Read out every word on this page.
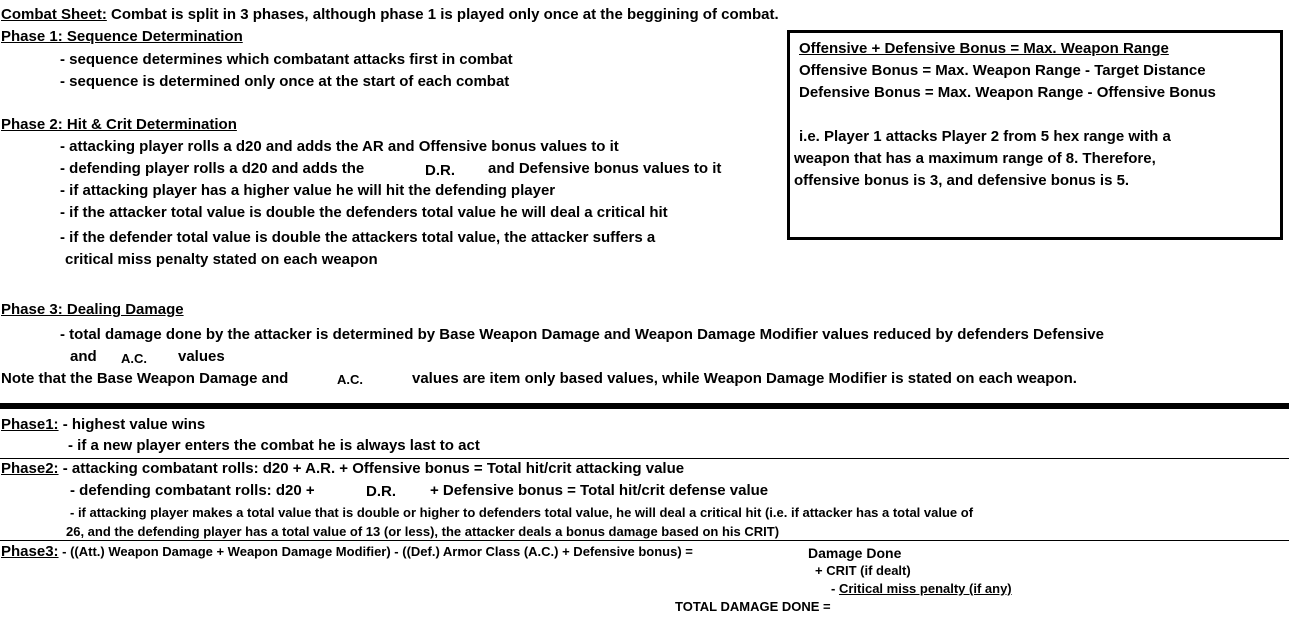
Combat Sheet: Combat is split in 3 phases, although phase 1 is played only once at the beggining of combat.
Phase 1: Sequence Determination
- sequence determines which combatant attacks first in combat
- sequence is determined only once at the start of each combat
Phase 2: Hit & Crit Determination
- attacking player rolls a d20 and adds the AR and Offensive bonus values to it
- defending player rolls a d20 and adds the	D.R. and Defensive bonus values to it
- if attacking player has a higher value he will hit the defending player
- if the attacker total value is double the defenders total value he will deal a critical hit
- if the defender total value is double the attackers total value, the attacker suffers a
critical miss penalty stated on each weapon
Phase 3: Dealing Damage
- total damage done by the attacker is determined by Base Weapon Damage and Weapon Damage Modifier values reduced by defenders Defensive
and A.C. values
Note that the Base Weapon Damage and	A.C.	values are item only based values, while Weapon Damage Modifier is stated on each weapon.
Offensive + Defensive Bonus = Max. Weapon Range
Offensive Bonus = Max. Weapon Range - Target Distance
Defensive Bonus = Max. Weapon Range - Offensive Bonus
i.e. Player 1 attacks Player 2 from 5 hex range with a
weapon that has a maximum range of 8. Therefore,
offensive bonus is 3, and defensive bonus is 5.
Phase1: - highest value wins
- if a new player enters the combat he is always last to act
Phase2: - attacking combatant rolls: d20 + A.R. + Offensive bonus = Total hit/crit attacking value
- defending combatant rolls: d20 +	D.R. + Defensive bonus = Total hit/crit defense value
- if attacking player makes a total value that is double or higher to defenders total value, he will deal a critical hit (i.e. if attacker has a total value of
26, and the defending player has a total value of 13 (or less), the attacker deals a bonus damage based on his CRIT)
Phase3: - ((Att.) Weapon Damage + Weapon Damage Modifier) - ((Def.) Armor Class (A.C.) + Defensive bonus) =	Damage Done
+ CRIT (if dealt)
- Critical miss penalty (if any)
TOTAL DAMAGE DONE =
